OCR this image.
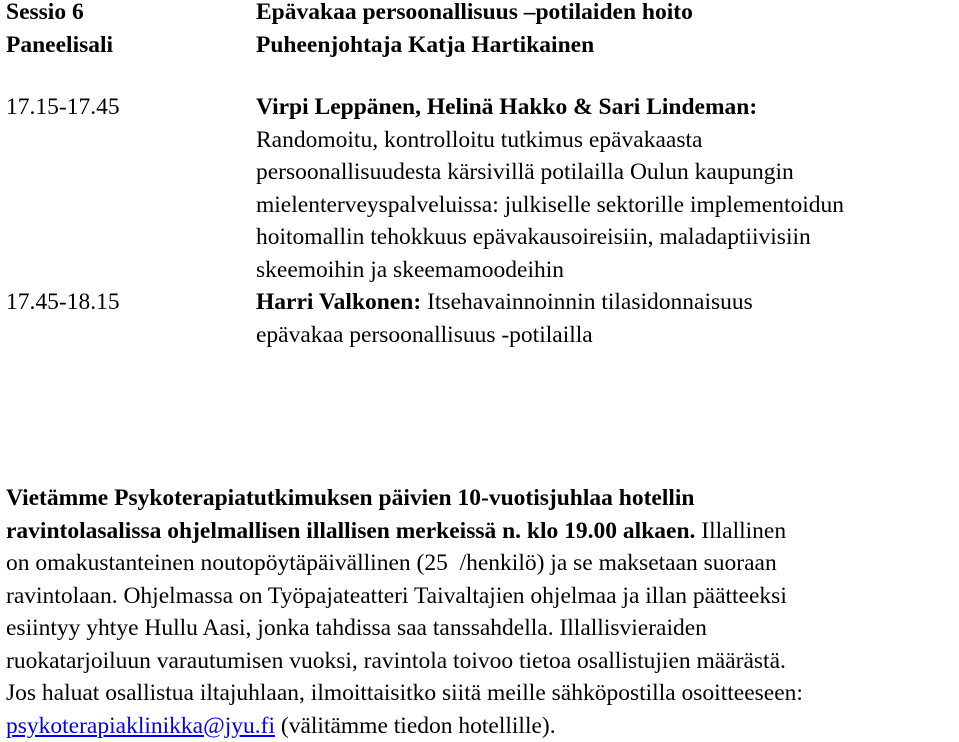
Sessio 6
Paneelisali
Epävakaa persoonallisuus –potilaiden hoito
Puheenjohtaja Katja Hartikainen
17.15-17.45	Virpi Leppänen, Helinä Hakko & Sari Lindeman:
Randomoitu, kontrolloitu tutkimus epävakaasta
persoonallisuudesta kärsivillä potilailla Oulun kaupungin
mielenterveyspalveluissa: julkiselle sektorille implementoidun
hoitomallin tehokkuus epävakausoireisiin, maladaptiivisiin
skeemoihin ja skeemamoodeihin
17.45-18.15	Harri Valkonen: Itsehavainnoinnin tilasidonnaisuus
epävakaa persoonallisuus -potilailla
Vietämme Psykoterapiatutkimuksen päivien 10-vuotisjuhlaa hotellin
ravintolasalissa ohjelmallisen illallisen merkeissä n. klo 19.00 alkaen. Illallinen
on omakustanteinen noutopöytäpäivällinen (25  /henkilö) ja se maksetaan suoraan
ravintolaan. Ohjelmassa on Työpajateatteri Taivaltajien ohjelmaa ja illan päätteeksi
esiintyy yhtye Hullu Aasi, jonka tahdissa saa tanssahdella. Illallisvieraiden
ruokatarjoiluun varautumisen vuoksi, ravintola toivoo tietoa osallistujien määrästä.
Jos haluat osallistua iltajuhlaan, ilmoittaisitko siitä meille sähköpostilla osoitteeseen:
psykoterapiaklinikka@jyu.fi (välitämme tiedon hotellille).
